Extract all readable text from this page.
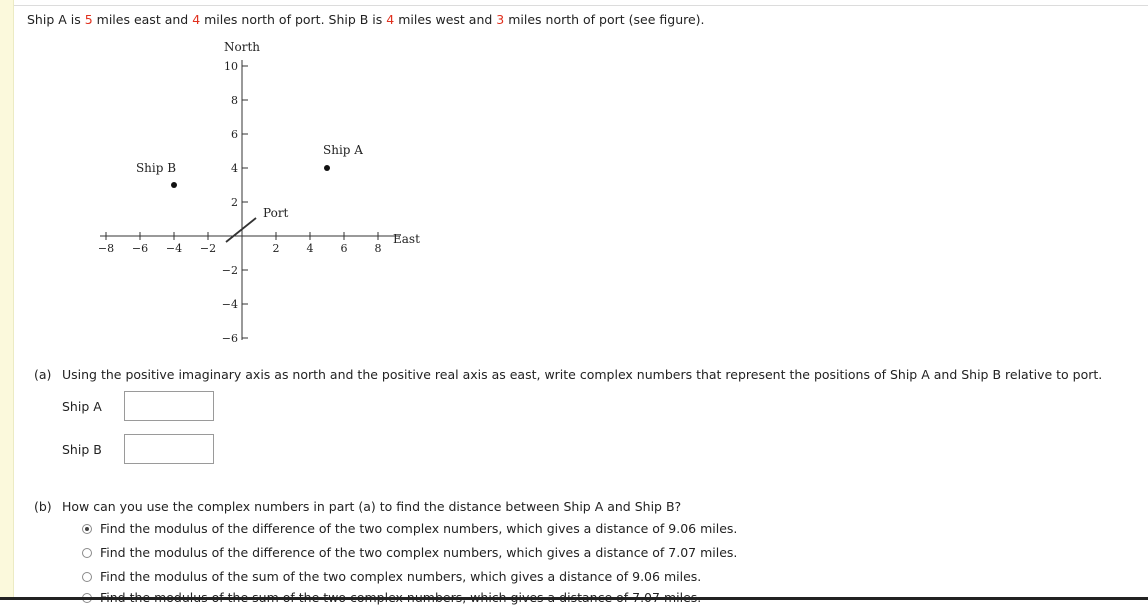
Ship A is 5 miles east and 4 miles north of port. Ship B is 4 miles west and 3 miles north of port (see figure).
North
East
Port
−8 −6 −4 −2	2 4 6 8
10
8
6
4
2
−2
−4
−6
Ship A
Ship B
(a) Using the positive imaginary axis as north and the positive real axis as east, write complex numbers that represent the positions of Ship A and Ship B relative to port.
Ship A
Ship B
(b) How can you use the complex numbers in part (a) to find the distance between Ship A and Ship B?
Find the modulus of the difference of the two complex numbers, which gives a distance of 9.06 miles.
Find the modulus of the difference of the two complex numbers, which gives a distance of 7.07 miles.
Find the modulus of the sum of the two complex numbers, which gives a distance of 9.06 miles.
